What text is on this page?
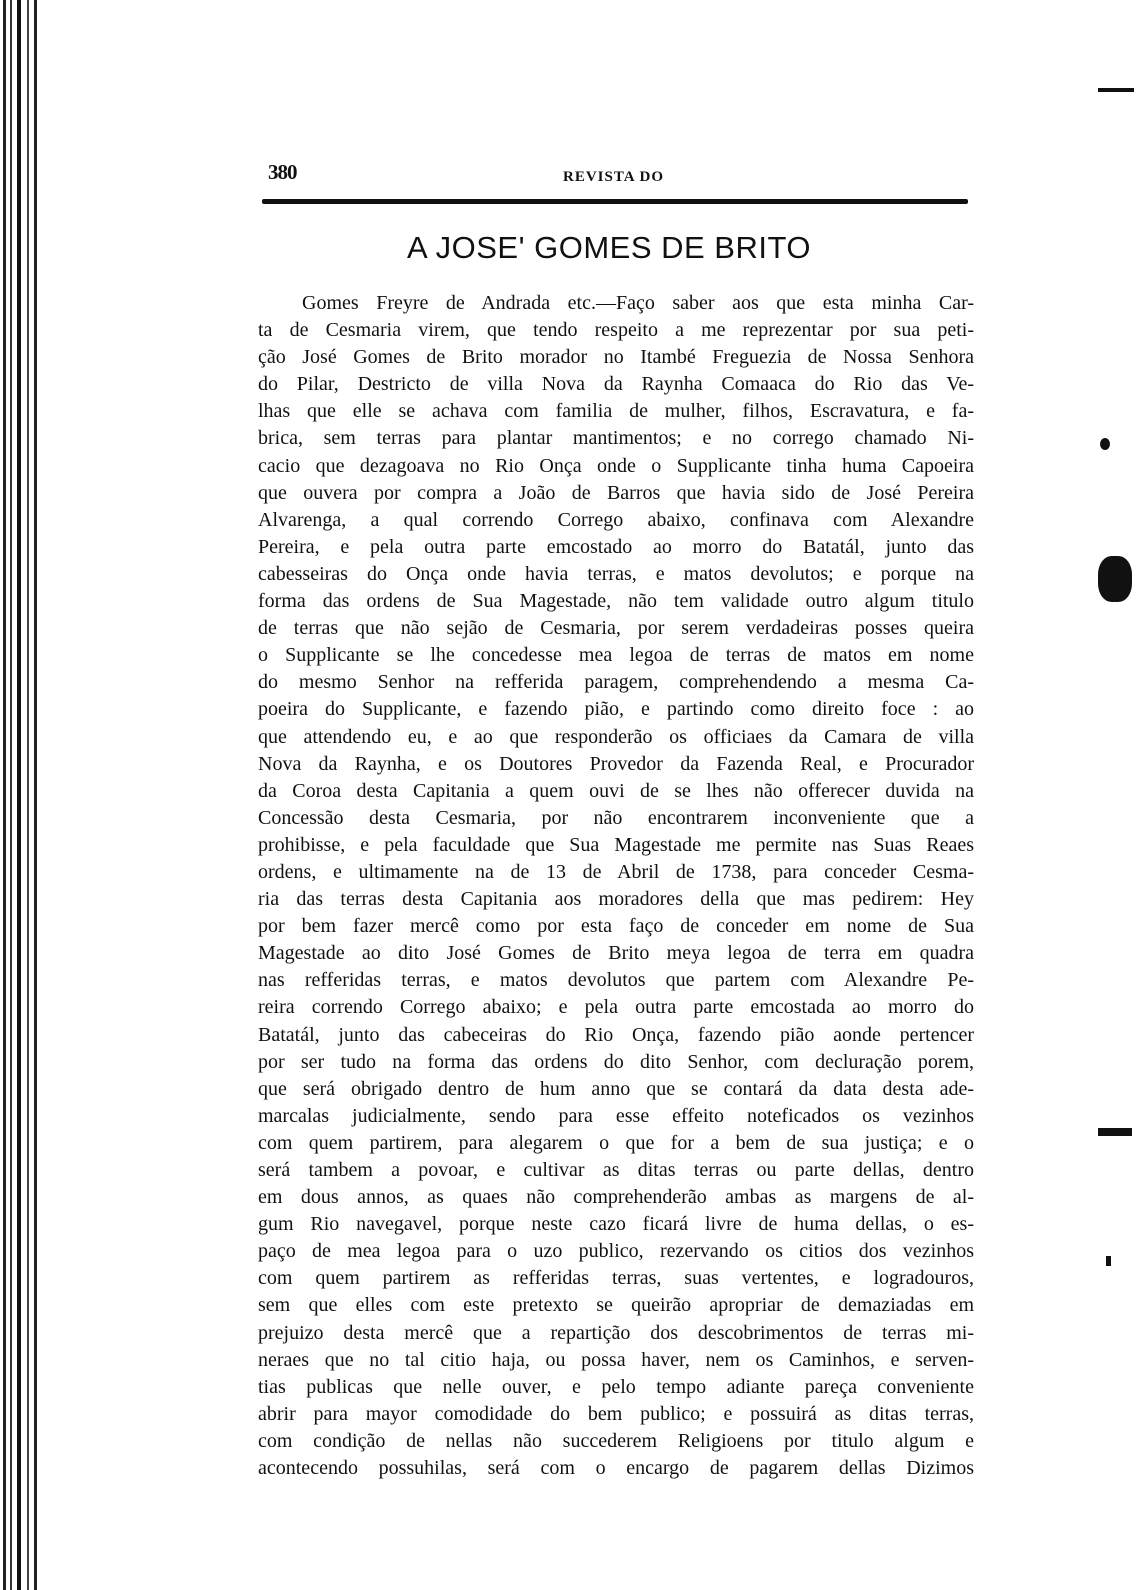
380	REVISTA DO
A JOSE' GOMES DE BRITO
Gomes Freyre de Andrada etc.—Faço saber aos que esta minha Car-
ta de Cesmaria virem, que tendo respeito a me reprezentar por sua peti-
ção José Gomes de Brito morador no Itambé Freguezia de Nossa Senhora
do Pilar, Destricto de villa Nova da Raynha Comaaca do Rio das Ve-
lhas que elle se achava com familia de mulher, filhos, Escravatura, e fa-
brica, sem terras para plantar mantimentos; e no corrego chamado Ni-
cacio que dezagoava no Rio Onça onde o Supplicante tinha huma Capoeira
que ouvera por compra a João de Barros que havia sido de José Pereira
Alvarenga, a qual correndo Corrego abaixo, confinava com Alexandre
Pereira, e pela outra parte emcostado ao morro do Batatál, junto das
cabesseiras do Onça onde havia terras, e matos devolutos; e porque na
forma das ordens de Sua Magestade, não tem validade outro algum titulo
de terras que não sejão de Cesmaria, por serem verdadeiras posses queira
o Supplicante se lhe concedesse mea legoa de terras de matos em nome
do mesmo Senhor na refferida paragem, comprehendendo a mesma Ca-
poeira do Supplicante, e fazendo pião, e partindo como direito foce : ao
que attendendo eu, e ao que responderão os officiaes da Camara de villa
Nova da Raynha, e os Doutores Provedor da Fazenda Real, e Procurador
da Coroa desta Capitania a quem ouvi de se lhes não offerecer duvida na
Concessão desta Cesmaria, por não encontrarem inconveniente que a
prohibisse, e pela faculdade que Sua Magestade me permite nas Suas Reaes
ordens, e ultimamente na de 13 de Abril de 1738, para conceder Cesma-
ria das terras desta Capitania aos moradores della que mas pedirem: Hey
por bem fazer mercê como por esta faço de conceder em nome de Sua
Magestade ao dito José Gomes de Brito meya legoa de terra em quadra
nas refferidas terras, e matos devolutos que partem com Alexandre Pe-
reira correndo Corrego abaixo; e pela outra parte emcostada ao morro do
Batatál, junto das cabeceiras do Rio Onça, fazendo pião aonde pertencer
por ser tudo na forma das ordens do dito Senhor, com decluração porem,
que será obrigado dentro de hum anno que se contará da data desta ade-
marcalas judicialmente, sendo para esse effeito noteficados os vezinhos
com quem partirem, para alegarem o que for a bem de sua justiça; e o
será tambem a povoar, e cultivar as ditas terras ou parte dellas, dentro
em dous annos, as quaes não comprehenderão ambas as margens de al-
gum Rio navegavel, porque neste cazo ficará livre de huma dellas, o es-
paço de mea legoa para o uzo publico, rezervando os citios dos vezinhos
com quem partirem as refferidas terras, suas vertentes, e logradouros,
sem que elles com este pretexto se queirão apropriar de demaziadas em
prejuizo desta mercê que a repartição dos descobrimentos de terras mi-
neraes que no tal citio haja, ou possa haver, nem os Caminhos, e serven-
tias publicas que nelle ouver, e pelo tempo adiante pareça conveniente
abrir para mayor comodidade do bem publico; e possuirá as ditas terras,
com condição de nellas não succederem Religioens por titulo algum e
acontecendo possuhilas, será com o encargo de pagarem dellas Dizimos
